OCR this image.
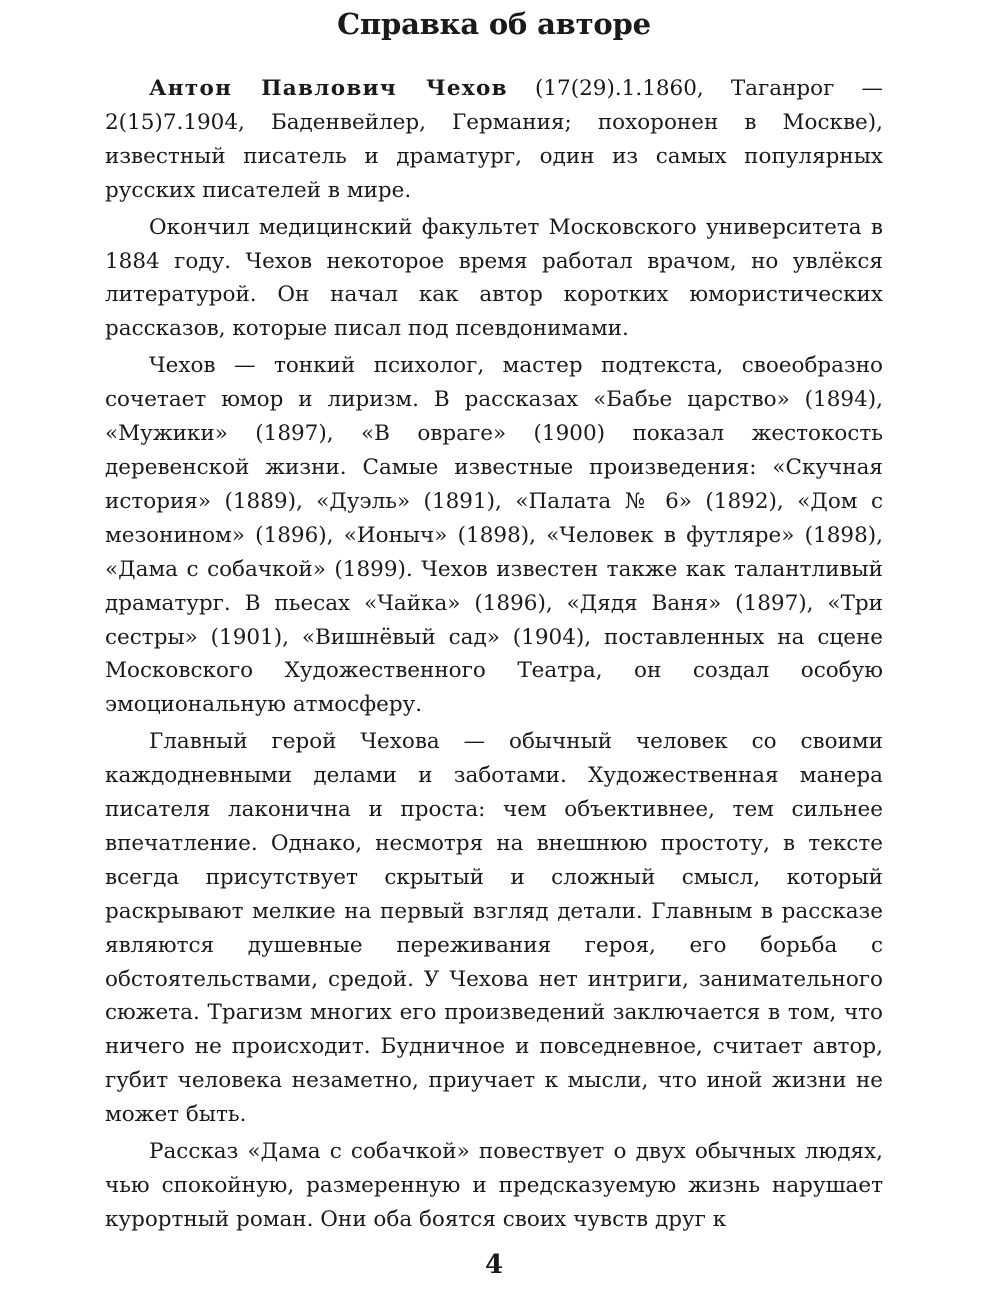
Справка об авторе

Антон Павлович Чехов (17(29).1.1860, Таганрог — 2(15)7.1904, Баденвейлер, Германия; похоронен в Москве), известный писатель и драматург, один из самых популярных русских писателей в мире.

Окончил медицинский факультет Московского университета в 1884 году. Чехов некоторое время работал врачом, но увлёкся литературой. Он начал как автор коротких юмористических рассказов, которые писал под псевдонимами.

Чехов — тонкий психолог, мастер подтекста, своеобразно сочетает юмор и лиризм. В рассказах «Бабье царство» (1894), «Мужики» (1897), «В овраге» (1900) показал жестокость деревенской жизни. Самые известные произведения: «Скучная история» (1889), «Дуэль» (1891), «Палата № 6» (1892), «Дом с мезонином» (1896), «Ионыч» (1898), «Человек в футляре» (1898), «Дама с собачкой» (1899). Чехов известен также как талантливый драматург. В пьесах «Чайка» (1896), «Дядя Ваня» (1897), «Три сестры» (1901), «Вишнёвый сад» (1904), поставленных на сцене Московского Художественного Театра, он создал особую эмоциональную атмосферу.

Главный герой Чехова — обычный человек со своими каждодневными делами и заботами. Художественная манера писателя лаконична и проста: чем объективнее, тем сильнее впечатление. Однако, несмотря на внешнюю простоту, в тексте всегда присутствует скрытый и сложный смысл, который раскрывают мелкие на первый взгляд детали. Главным в рассказе являются душевные переживания героя, его борьба с обстоятельствами, средой. У Чехова нет интриги, занимательного сюжета. Трагизм многих его произведений заключается в том, что ничего не происходит. Будничное и повседневное, считает автор, губит человека незаметно, приучает к мысли, что иной жизни не может быть.

Рассказ «Дама с собачкой» повествует о двух обычных людях, чью спокойную, размеренную и предсказуемую жизнь нарушает курортный роман. Они оба боятся своих чувств друг к

4
